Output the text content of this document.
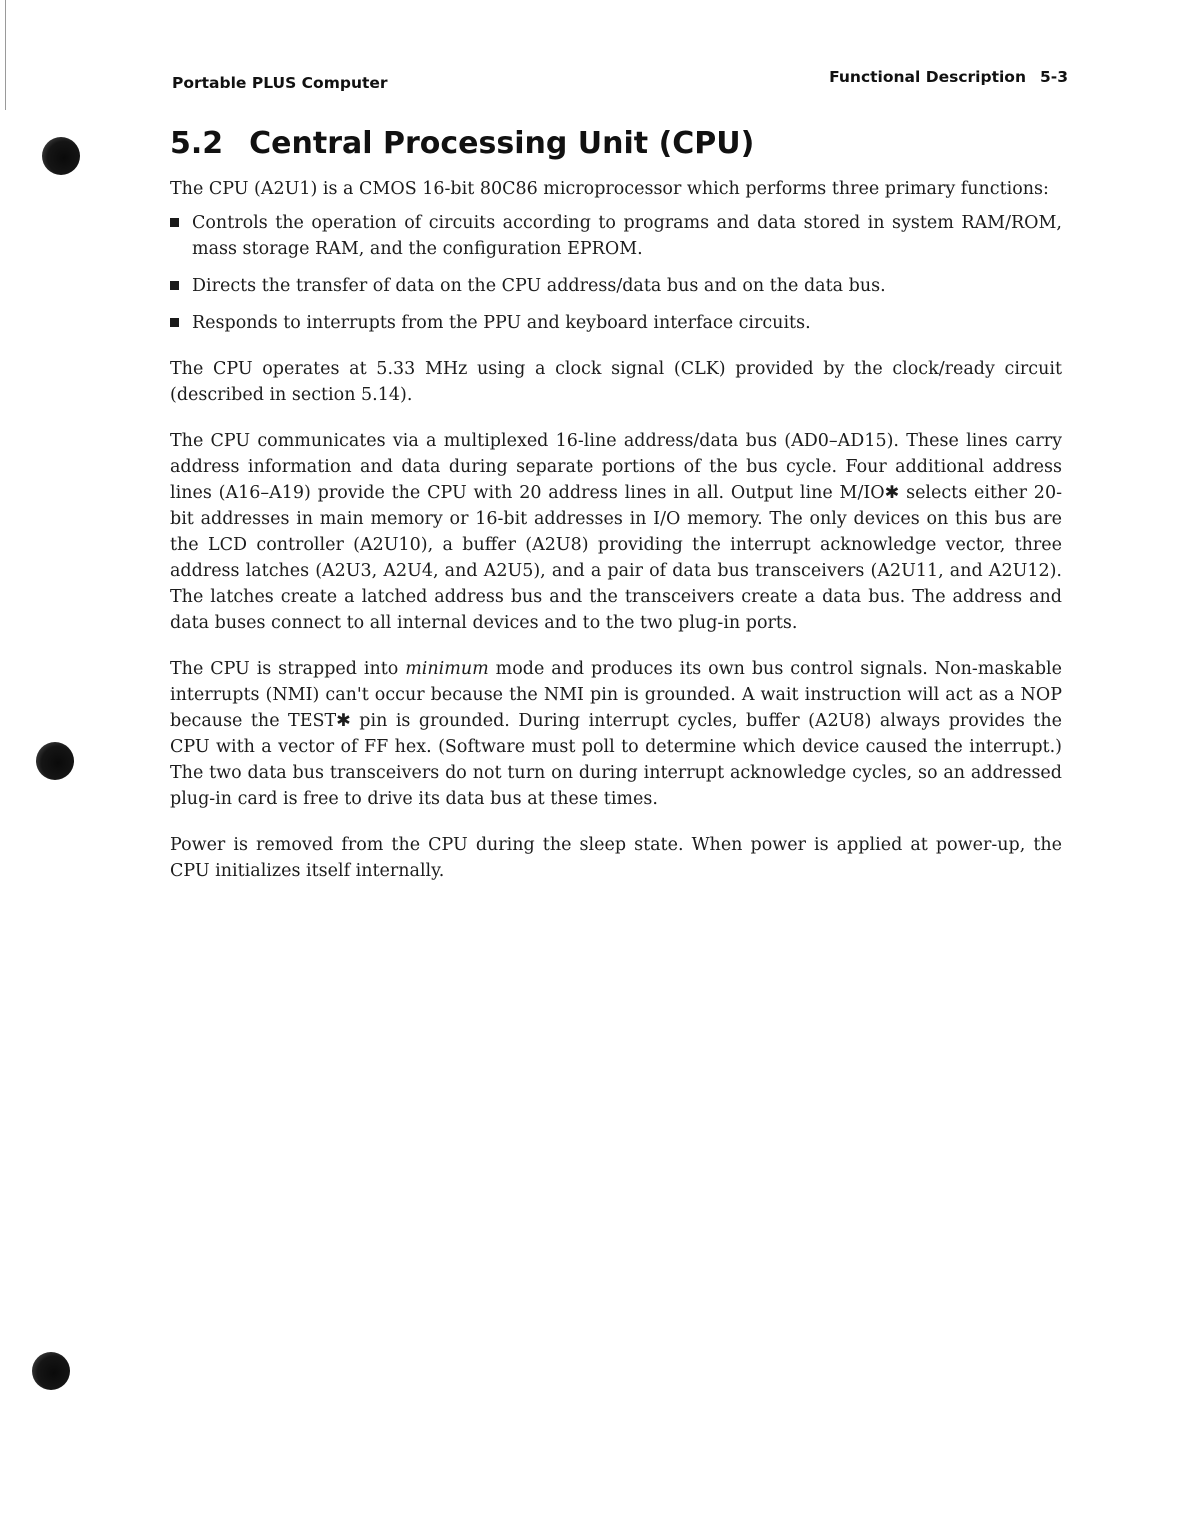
Portable PLUS Computer	Functional Description 5-3
5.2 Central Processing Unit (CPU)

The CPU (A2U1) is a CMOS 16-bit 80C86 microprocessor which performs three primary functions:

Controls the operation of circuits according to programs and data stored in system RAM/ROM, mass storage RAM, and the configuration EPROM.
Directs the transfer of data on the CPU address/data bus and on the data bus.
Responds to interrupts from the PPU and keyboard interface circuits.

The CPU operates at 5.33 MHz using a clock signal (CLK) provided by the clock/ready circuit (described in section 5.14).

The CPU communicates via a multiplexed 16-line address/data bus (AD0–AD15). These lines carry address information and data during separate portions of the bus cycle. Four additional address lines (A16–A19) provide the CPU with 20 address lines in all. Output line M/IO✱ selects either 20-bit addresses in main memory or 16-bit addresses in I/O memory. The only devices on this bus are the LCD controller (A2U10), a buffer (A2U8) providing the interrupt acknowledge vector, three address latches (A2U3, A2U4, and A2U5), and a pair of data bus transceivers (A2U11, and A2U12). The latches create a latched address bus and the transceivers create a data bus. The address and data buses connect to all internal devices and to the two plug-in ports.

The CPU is strapped into minimum mode and produces its own bus control signals. Non-maskable interrupts (NMI) can't occur because the NMI pin is grounded. A wait instruction will act as a NOP because the TEST✱ pin is grounded. During interrupt cycles, buffer (A2U8) always provides the CPU with a vector of FF hex. (Software must poll to determine which device caused the interrupt.) The two data bus transceivers do not turn on during interrupt acknowledge cycles, so an addressed plug-in card is free to drive its data bus at these times.

Power is removed from the CPU during the sleep state. When power is applied at power-up, the CPU initializes itself internally.
